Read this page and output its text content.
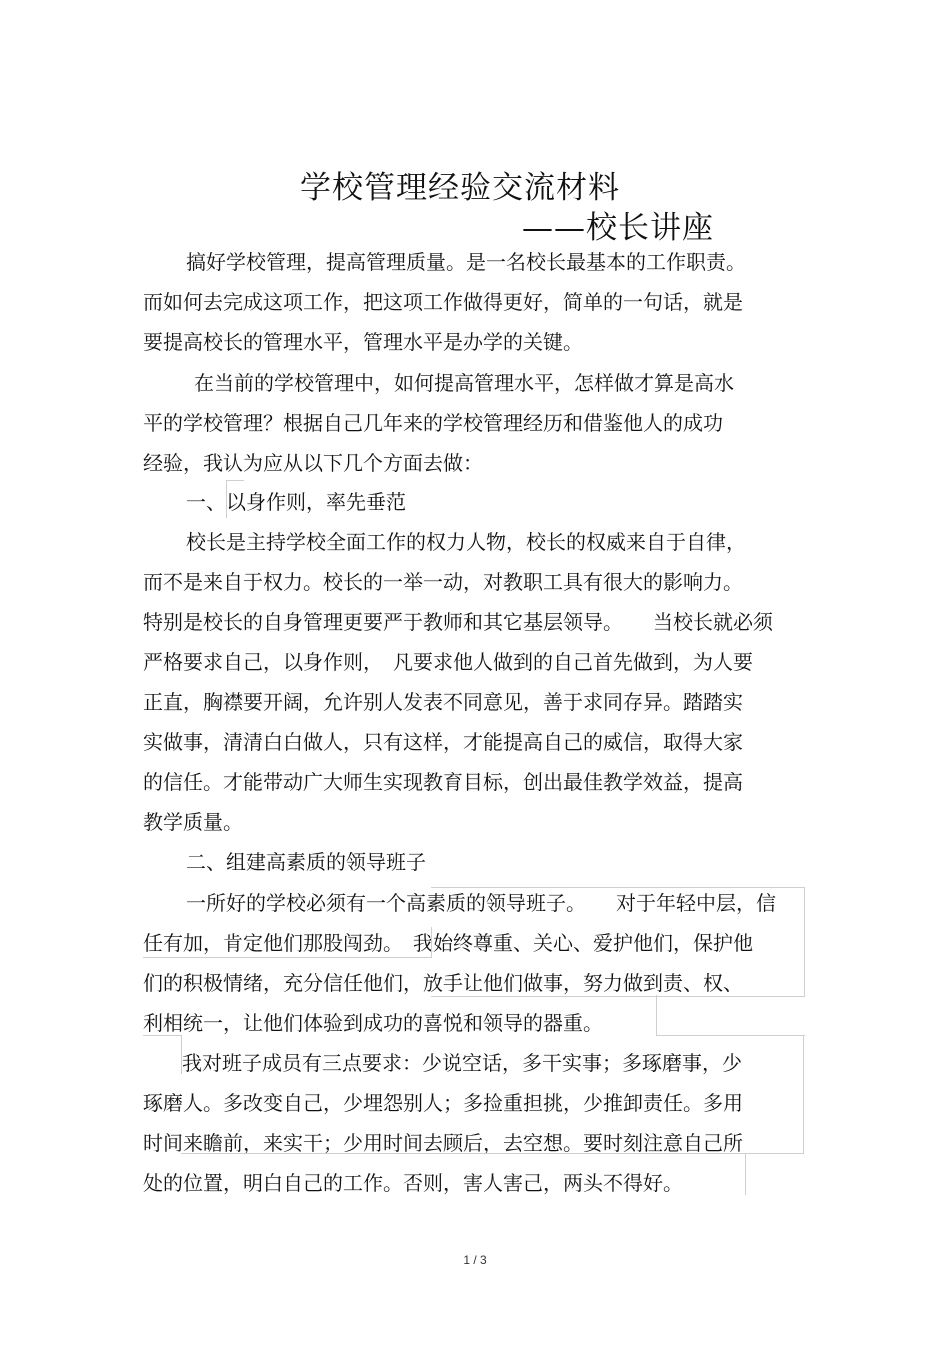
学校管理经验交流材料
——校长讲座
搞好学校管理，提高管理质量。是一名校长最基本的工作职责。
而如何去完成这项工作，把这项工作做得更好，简单的一句话，就是
要提高校长的管理水平，管理水平是办学的关键。
在当前的学校管理中，如何提高管理水平，怎样做才算是高水
平的学校管理？根据自己几年来的学校管理经历和借鉴他人的成功
经验，我认为应从以下几个方面去做：
一、以身作则，率先垂范
校长是主持学校全面工作的权力人物，校长的权威来自于自律，
而不是来自于权力。校长的一举一动，对教职工具有很大的影响力。
特别是校长的自身管理更要严于教师和其它基层领导。　　当校长就必须
严格要求自己，以身作则，　凡要求他人做到的自己首先做到，为人要
正直，胸襟要开阔，允许别人发表不同意见，善于求同存异。踏踏实
实做事，清清白白做人，只有这样，才能提高自己的威信，取得大家
的信任。才能带动广大师生实现教育目标，创出最佳教学效益，提高
教学质量。
二、组建高素质的领导班子
一所好的学校必须有一个高素质的领导班子。　　对于年轻中层，信
任有加，肯定他们那股闯劲。　我始终尊重、关心、爱护他们，保护他
们的积极情绪，充分信任他们，放手让他们做事，努力做到责、权、
利相统一，让他们体验到成功的喜悦和领导的器重。
我对班子成员有三点要求：少说空话，多干实事；多琢磨事，少
琢磨人。多改变自己，少埋怨别人；多捡重担挑，少推卸责任。多用
时间来瞻前，来实干；少用时间去顾后，去空想。要时刻注意自己所
处的位置，明白自己的工作。否则，害人害己，两头不得好。
1 / 3
